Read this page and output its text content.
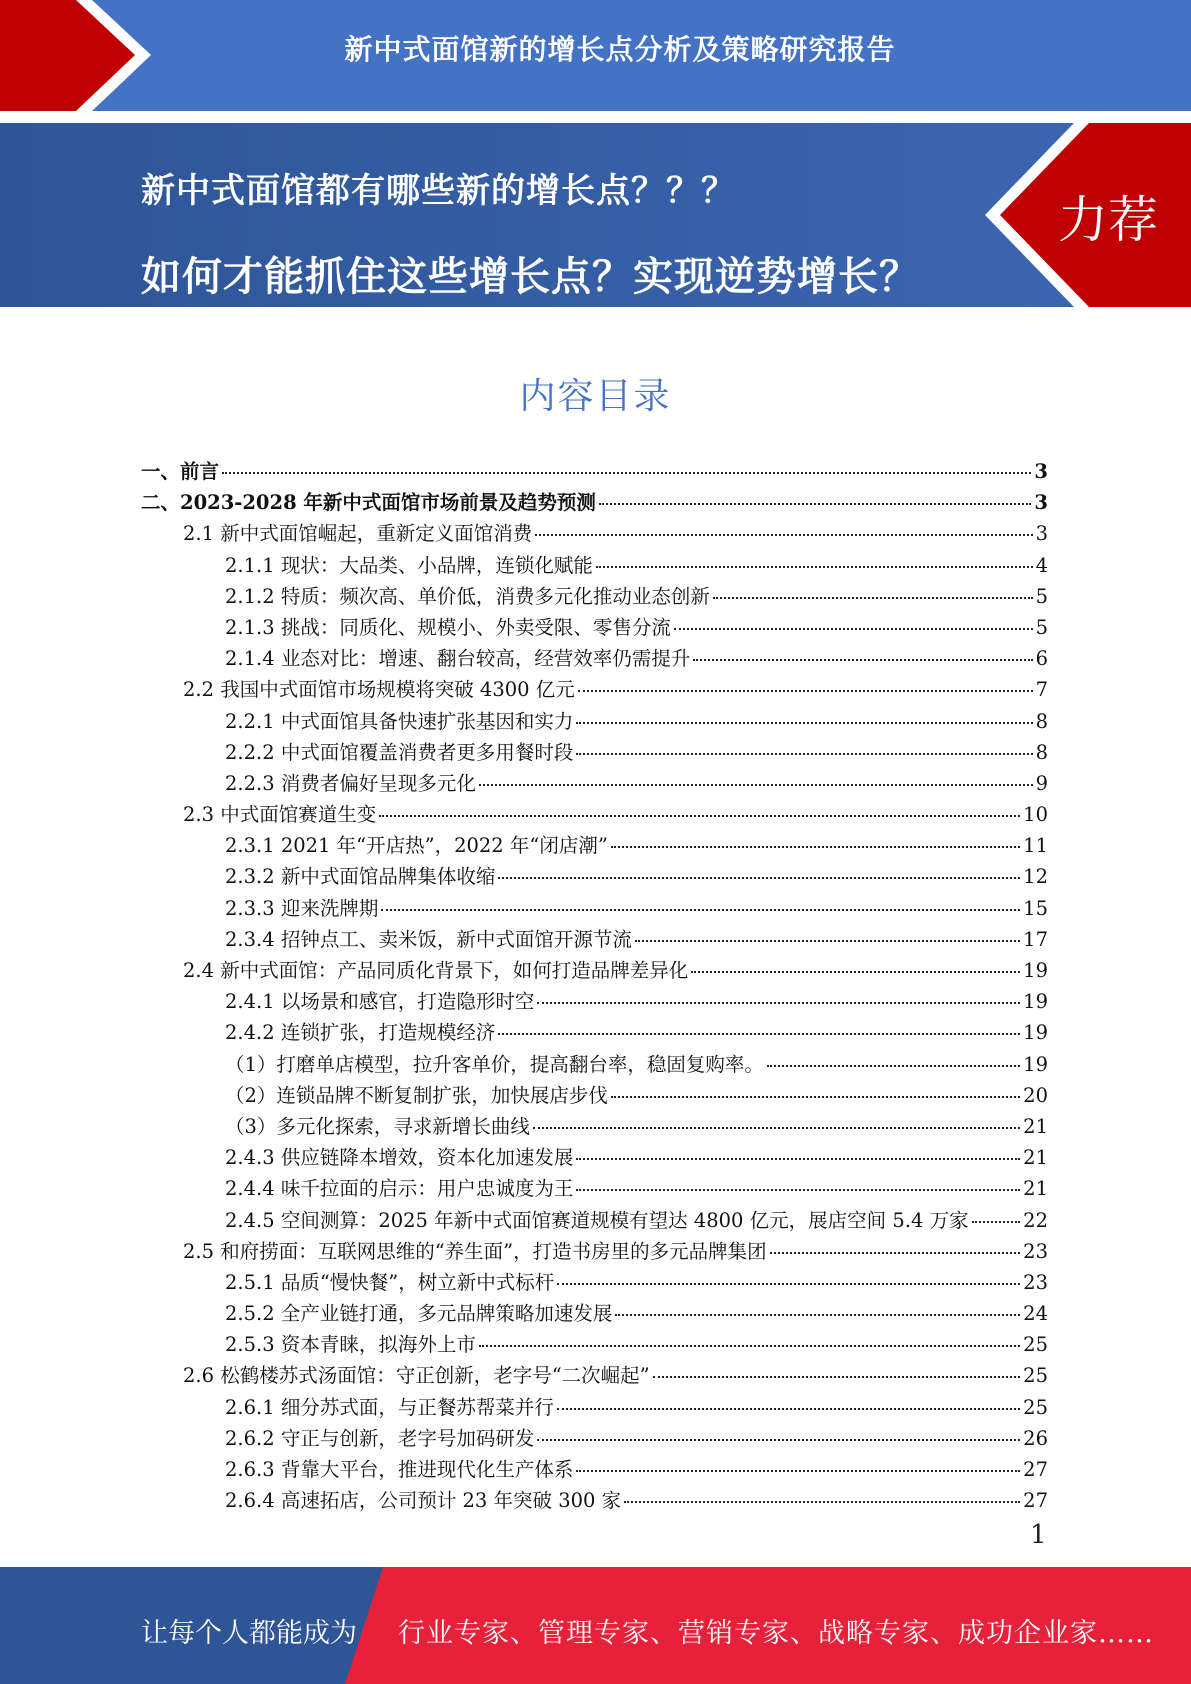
新中式面馆新的增长点分析及策略研究报告
新中式面馆都有哪些新的增长点？？？
如何才能抓住这些增长点？实现逆势增长？
力荐
内容目录
一、前言	3
二、2023-2028 年新中式面馆市场前景及趋势预测	3
2.1 新中式面馆崛起，重新定义面馆消费	3
2.1.1 现状：大品类、小品牌，连锁化赋能	4
2.1.2 特质：频次高、单价低，消费多元化推动业态创新	5
2.1.3 挑战：同质化、规模小、外卖受限、零售分流	5
2.1.4 业态对比：增速、翻台较高，经营效率仍需提升	6
2.2 我国中式面馆市场规模将突破 4300 亿元	7
2.2.1 中式面馆具备快速扩张基因和实力	8
2.2.2 中式面馆覆盖消费者更多用餐时段	8
2.2.3 消费者偏好呈现多元化	9
2.3 中式面馆赛道生变	10
2.3.1 2021 年“开店热”，2022 年“闭店潮”	11
2.3.2 新中式面馆品牌集体收缩	12
2.3.3 迎来洗牌期	15
2.3.4 招钟点工、卖米饭，新中式面馆开源节流	17
2.4 新中式面馆：产品同质化背景下，如何打造品牌差异化	19
2.4.1 以场景和感官，打造隐形时空	19
2.4.2 连锁扩张，打造规模经济	19
（1）打磨单店模型，拉升客单价，提高翻台率，稳固复购率。	19
（2）连锁品牌不断复制扩张，加快展店步伐	20
（3）多元化探索，寻求新增长曲线	21
2.4.3 供应链降本增效，资本化加速发展	21
2.4.4 味千拉面的启示：用户忠诚度为王	21
2.4.5 空间测算：2025 年新中式面馆赛道规模有望达 4800 亿元，展店空间 5.4 万家	22
2.5 和府捞面：互联网思维的“养生面”，打造书房里的多元品牌集团	23
2.5.1 品质“慢快餐”，树立新中式标杆	23
2.5.2 全产业链打通，多元品牌策略加速发展	24
2.5.3 资本青睐，拟海外上市	25
2.6 松鹤楼苏式汤面馆：守正创新，老字号“二次崛起”	25
2.6.1 细分苏式面，与正餐苏帮菜并行	25
2.6.2 守正与创新，老字号加码研发	26
2.6.3 背靠大平台，推进现代化生产体系	27
2.6.4 高速拓店，公司预计 23 年突破 300 家	27
1
让每个人都能成为 行业专家、管理专家、营销专家、战略专家、成功企业家……
